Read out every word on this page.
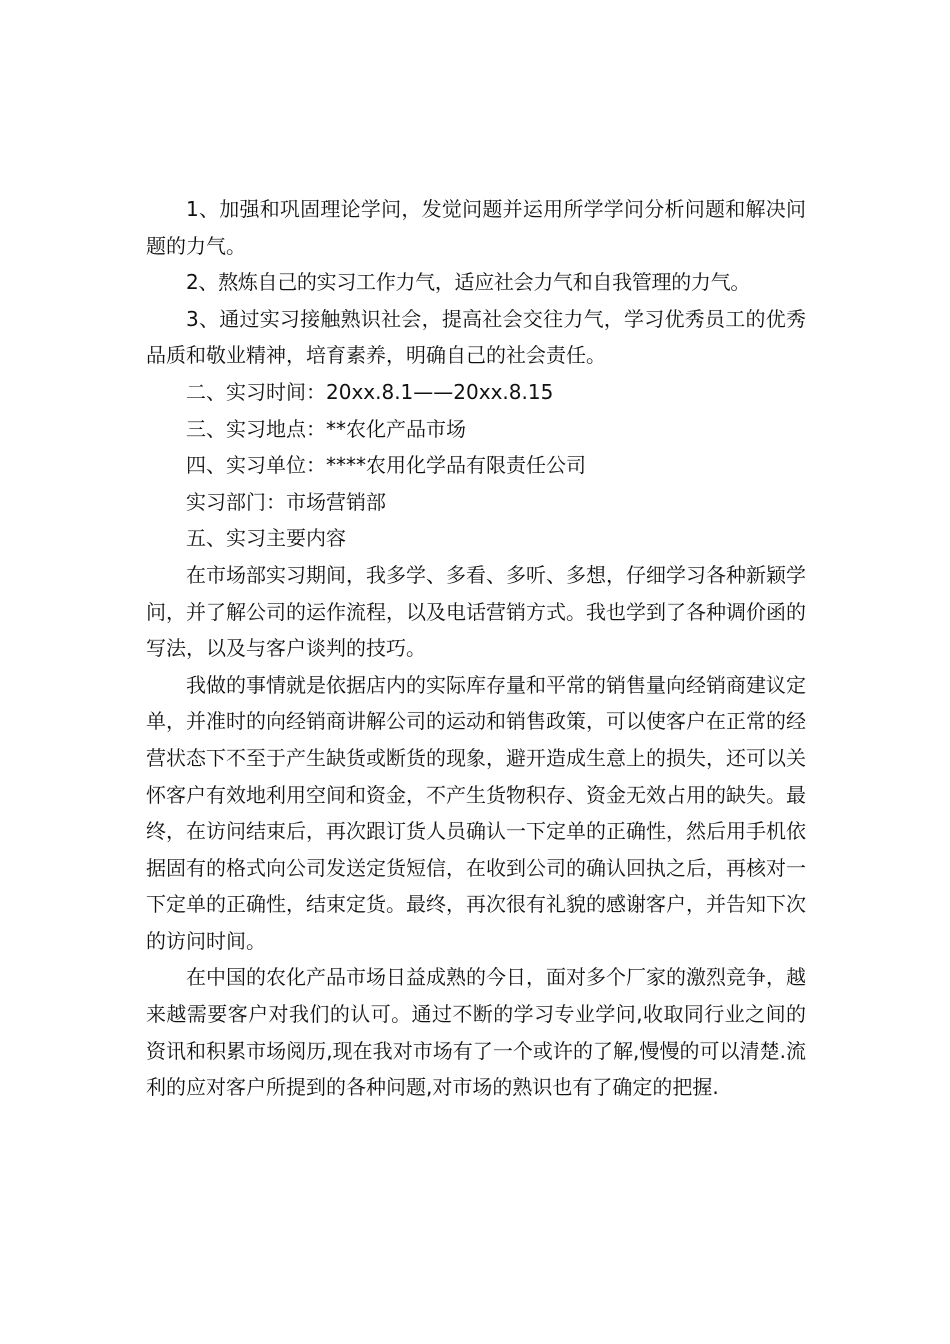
1、加强和巩固理论学问，发觉问题并运用所学学问分析问题和解决问题的力气。

2、熬炼自己的实习工作力气，适应社会力气和自我管理的力气。

3、通过实习接触熟识社会，提高社会交往力气，学习优秀员工的优秀品质和敬业精神，培育素养，明确自己的社会责任。

二、实习时间：20xx.8.1——20xx.8.15

三、实习地点：**农化产品市场

四、实习单位：****农用化学品有限责任公司

实习部门：市场营销部

五、实习主要内容

在市场部实习期间，我多学、多看、多听、多想，仔细学习各种新颖学问，并了解公司的运作流程，以及电话营销方式。我也学到了各种调价函的写法，以及与客户谈判的技巧。

我做的事情就是依据店内的实际库存量和平常的销售量向经销商建议定单，并准时的向经销商讲解公司的运动和销售政策，可以使客户在正常的经营状态下不至于产生缺货或断货的现象，避开造成生意上的损失，还可以关怀客户有效地利用空间和资金，不产生货物积存、资金无效占用的缺失。最终，在访问结束后，再次跟订货人员确认一下定单的正确性，然后用手机依据固有的格式向公司发送定货短信，在收到公司的确认回执之后，再核对一下定单的正确性，结束定货。最终，再次很有礼貌的感谢客户，并告知下次的访问时间。

在中国的农化产品市场日益成熟的今日，面对多个厂家的激烈竞争，越来越需要客户对我们的认可。通过不断的学习专业学问,收取同行业之间的资讯和积累市场阅历,现在我对市场有了一个或许的了解,慢慢的可以清楚.流利的应对客户所提到的各种问题,对市场的熟识也有了确定的把握.
